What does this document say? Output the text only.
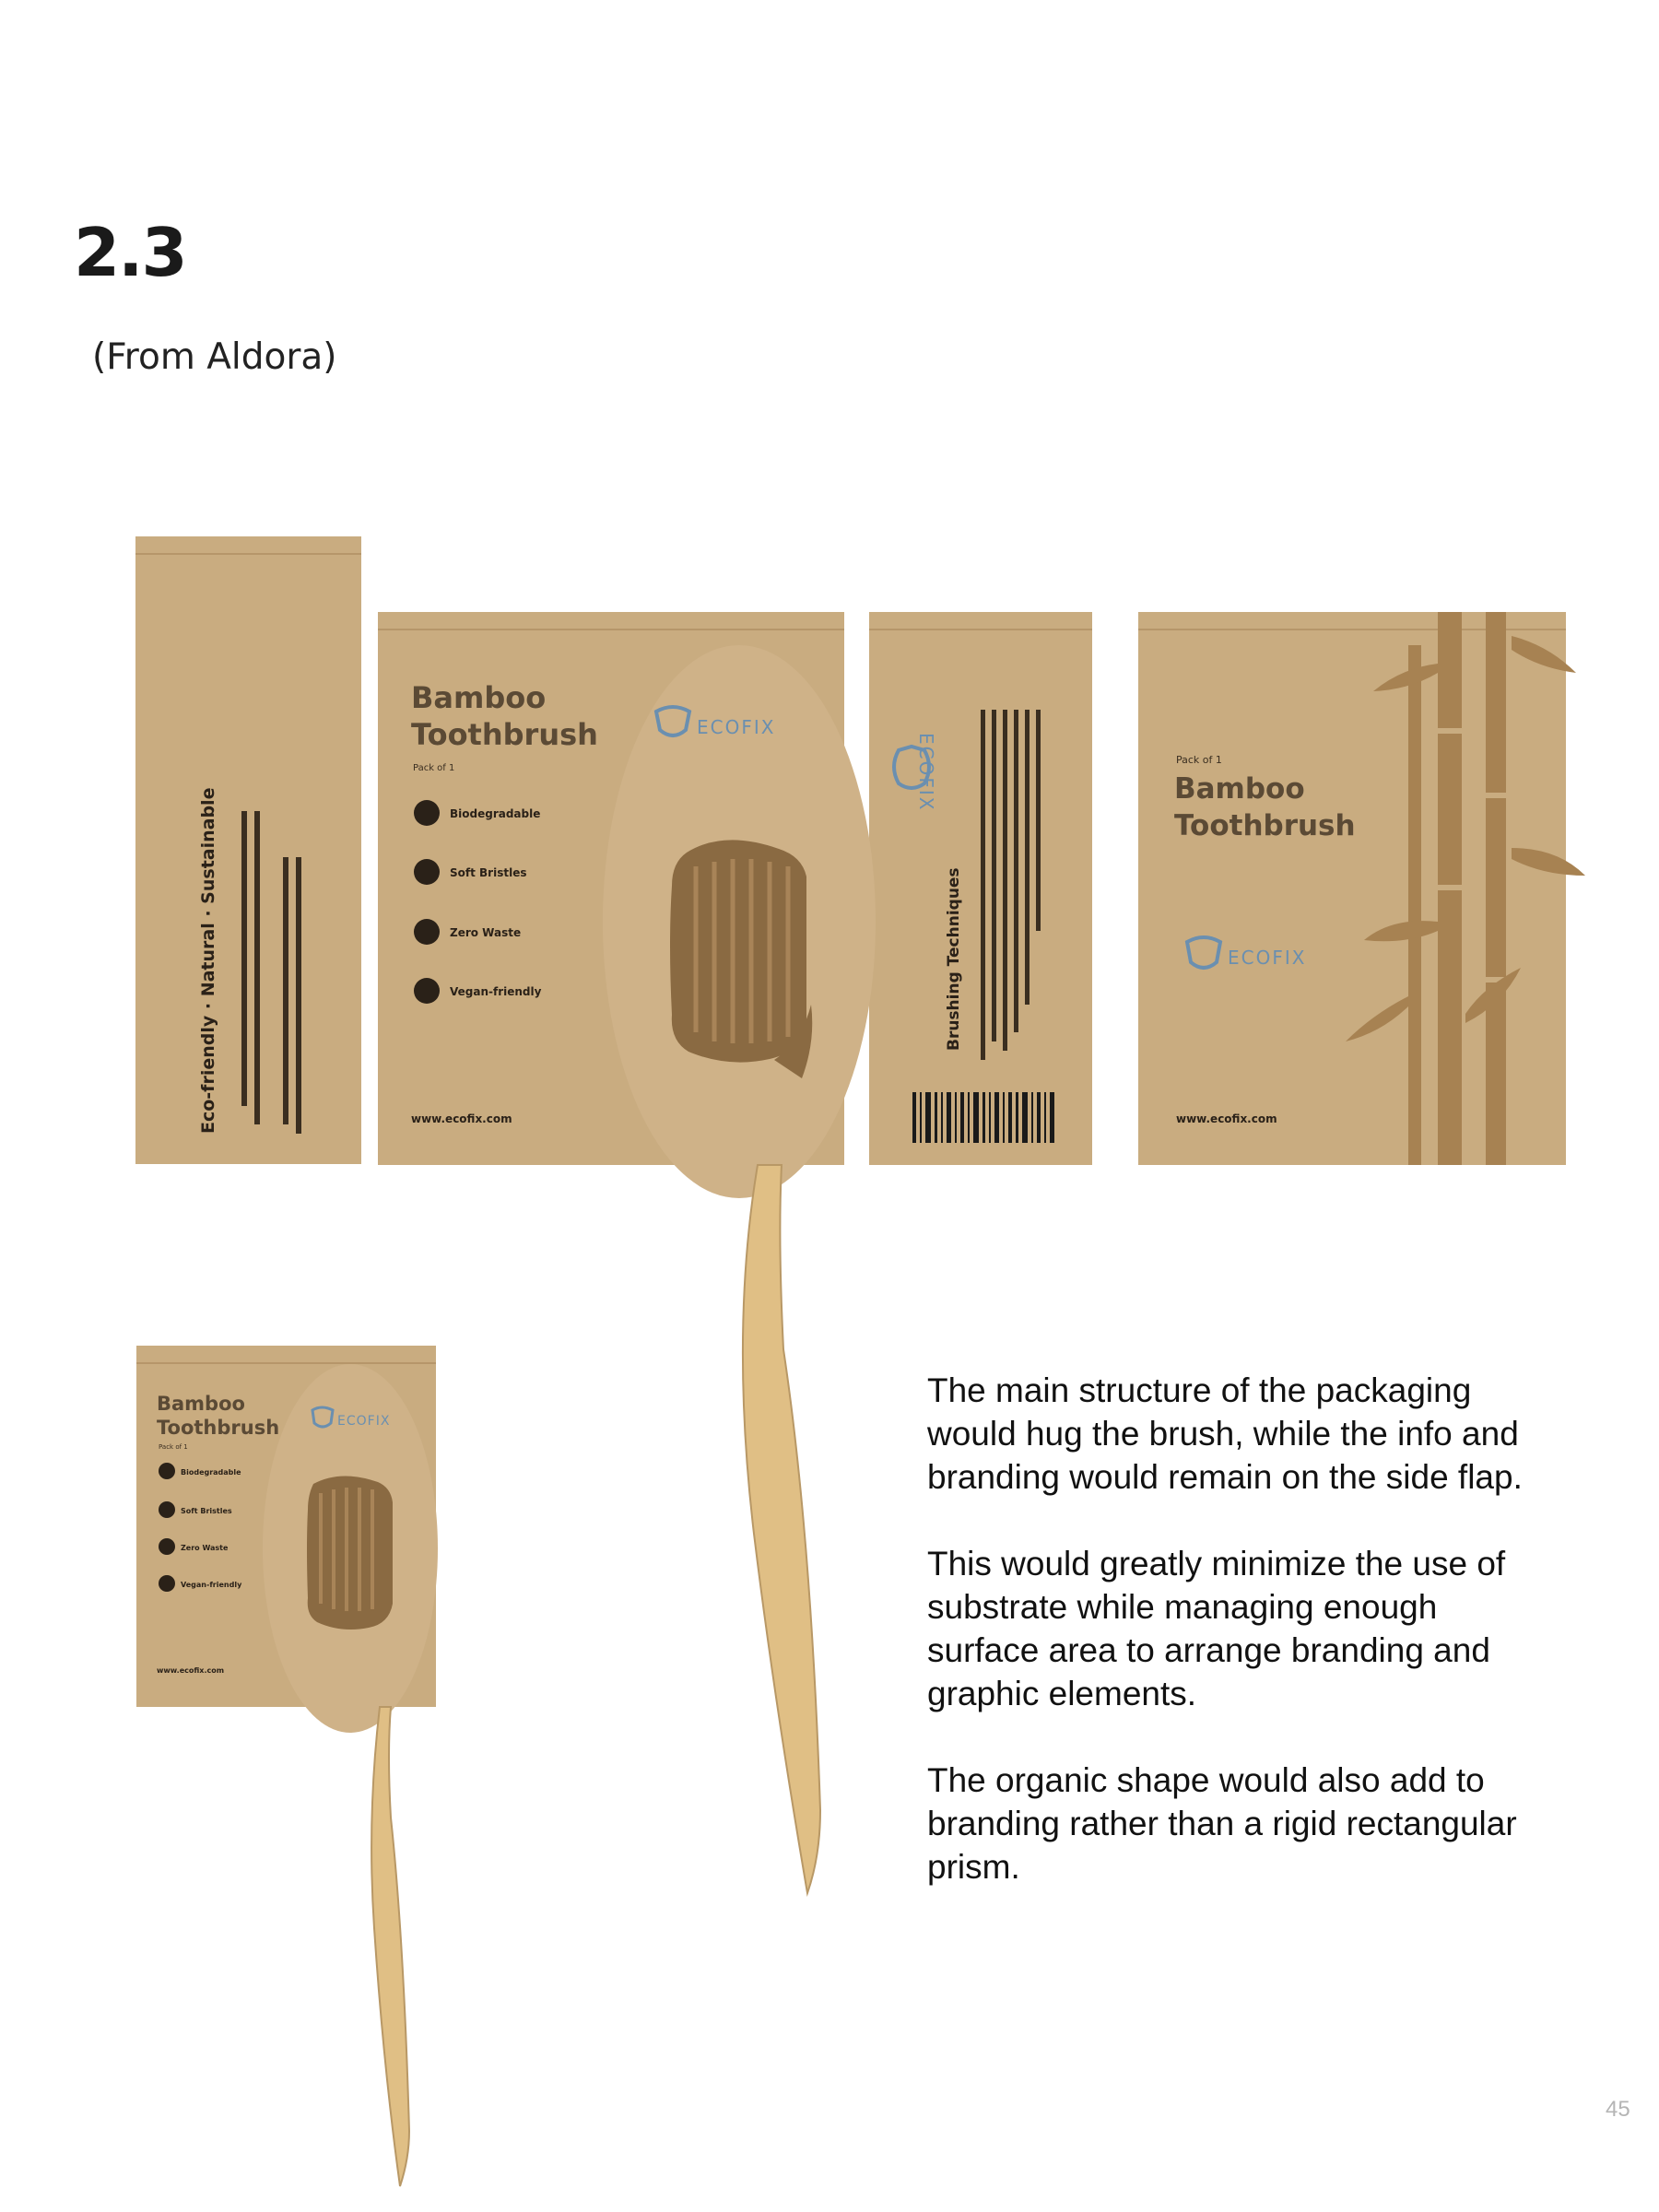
2.3
(From Aldora)
Eco-friendly · Natural · Sustainable
Bamboo
Toothbrush
Pack of 1
Biodegradable
Soft Bristles
Zero Waste
Vegan-friendly
www.ecofix.com
ECOFIX
ECOFIX
Brushing Techniques
Pack of 1
Bamboo
Toothbrush
ECOFIX
www.ecofix.com
Bamboo
Toothbrush
Pack of 1
Biodegradable
Soft Bristles
Zero Waste
Vegan-friendly
www.ecofix.com
ECOFIX

The main structure of the packaging would hug the brush, while the info and branding would remain on the side flap.

This would greatly minimize the use of substrate while managing enough surface area to arrange branding and graphic elements.

The organic shape would also add to branding rather than a rigid rectangular prism.

45
